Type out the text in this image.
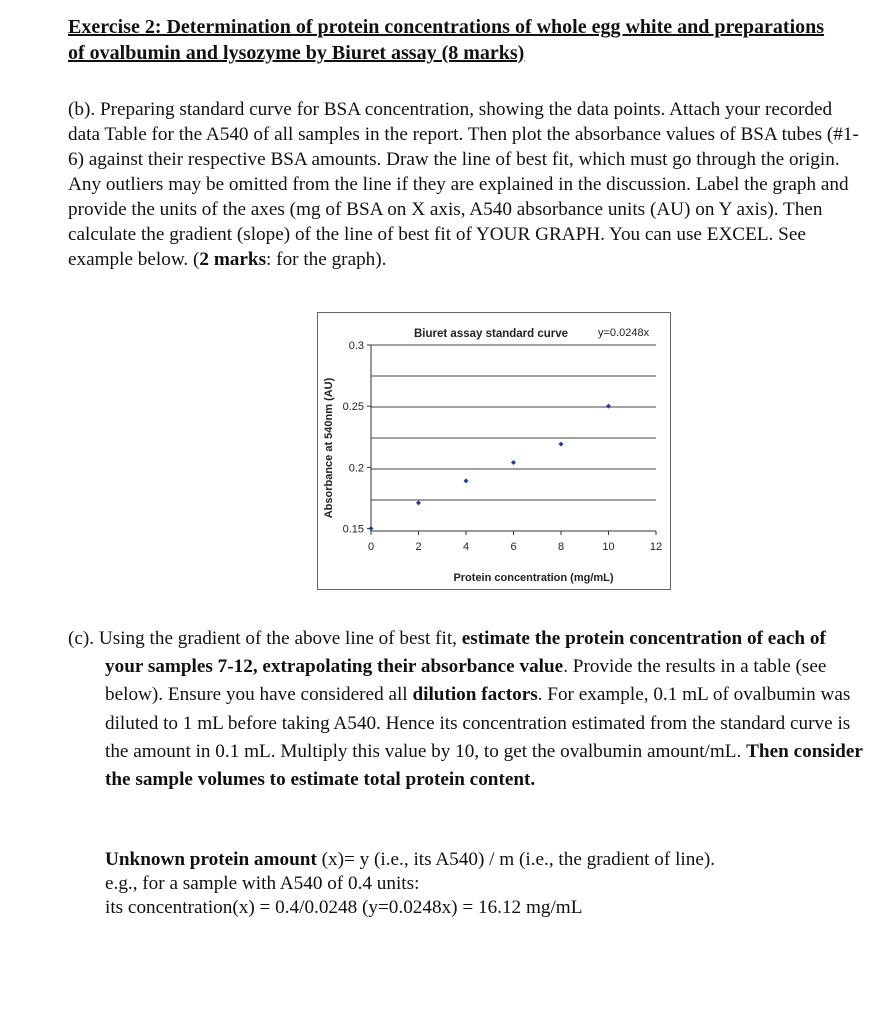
Exercise 2: Determination of protein concentrations of whole egg white and preparations
of ovalbumin and lysozyme by Biuret assay (8 marks)
(b). Preparing standard curve for BSA concentration, showing the data points. Attach your recorded data Table for the A540 of all samples in the report. Then plot the absorbance values of BSA tubes (#1-6) against their respective BSA amounts. Draw the line of best fit, which must go through the origin. Any outliers may be omitted from the line if they are explained in the discussion. Label the graph and provide the units of the axes (mg of BSA on X axis, A540 absorbance units (AU) on Y axis). Then calculate the gradient (slope) of the line of best fit of YOUR GRAPH. You can use EXCEL. See example below. (2 marks: for the graph).
0	2	4	6	8	10	12
0.3
0.25
0.2
0.15
Biuret assay standard curve	y=0.0248x
Protein concentration (mg/mL)
Absorbance at 540nm (AU)
(c). Using the gradient of the above line of best fit, estimate the protein concentration of each of your samples 7-12, extrapolating their absorbance value. Provide the results in a table (see below). Ensure you have considered all dilution factors. For example, 0.1 mL of ovalbumin was diluted to 1 mL before taking A540. Hence its concentration estimated from the standard curve is the amount in 0.1 mL. Multiply this value by 10, to get the ovalbumin amount/mL. Then consider the sample volumes to estimate total protein content.
Unknown protein amount (x)= y (i.e., its A540) / m (i.e., the gradient of line).
e.g., for a sample with A540 of 0.4 units:
its concentration(x) = 0.4/0.0248 (y=0.0248x) = 16.12 mg/mL
